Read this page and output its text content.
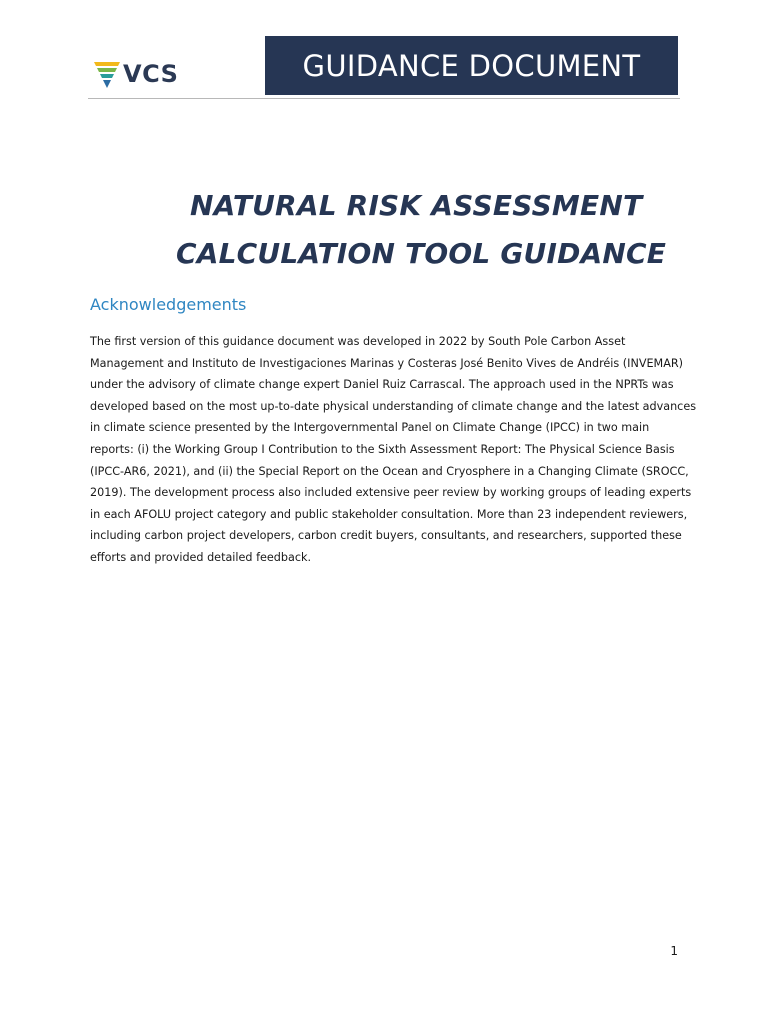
VCS	GUIDANCE DOCUMENT
NATURAL RISK ASSESSMENT
CALCULATION TOOL GUIDANCE
Acknowledgements
The first version of this guidance document was developed in 2022 by South Pole Carbon Asset
Management and Instituto de Investigaciones Marinas y Costeras José Benito Vives de Andréis (INVEMAR)
under the advisory of climate change expert Daniel Ruiz Carrascal. The approach used in the NPRTs was
developed based on the most up-to-date physical understanding of climate change and the latest advances
in climate science presented by the Intergovernmental Panel on Climate Change (IPCC) in two main
reports: (i) the Working Group I Contribution to the Sixth Assessment Report: The Physical Science Basis
(IPCC-AR6, 2021), and (ii) the Special Report on the Ocean and Cryosphere in a Changing Climate (SROCC,
2019). The development process also included extensive peer review by working groups of leading experts
in each AFOLU project category and public stakeholder consultation. More than 23 independent reviewers,
including carbon project developers, carbon credit buyers, consultants, and researchers, supported these
efforts and provided detailed feedback.
1
